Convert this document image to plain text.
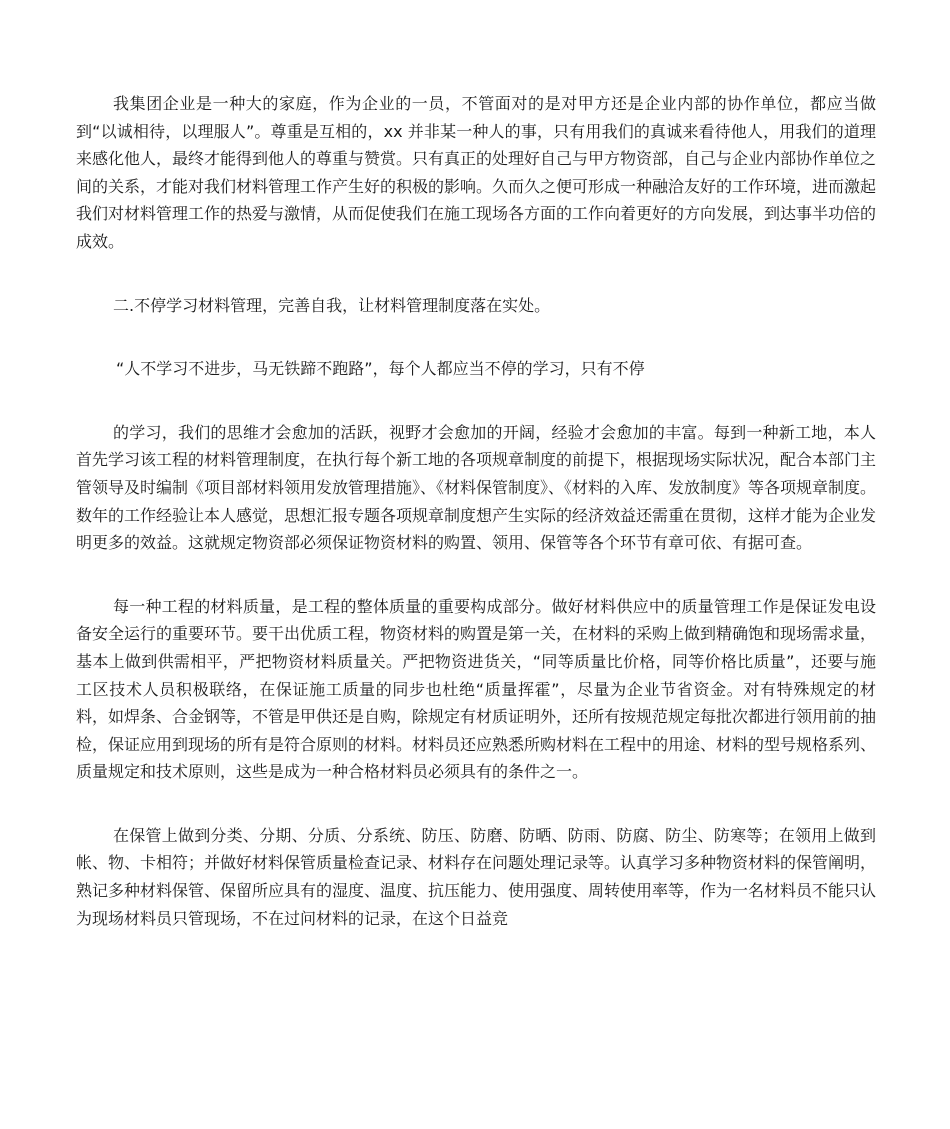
我集团企业是一种大的家庭，作为企业的一员，不管面对的是对甲方还是企业内部的协作单位，都应当做到“以诚相待，以理服人”。尊重是互相的，xx 并非某一种人的事，只有用我们的真诚来看待他人，用我们的道理来感化他人，最终才能得到他人的尊重与赞赏。只有真正的处理好自己与甲方物资部，自己与企业内部协作单位之间的关系，才能对我们材料管理工作产生好的积极的影响。久而久之便可形成一种融洽友好的工作环境，进而激起我们对材料管理工作的热爱与激情，从而促使我们在施工现场各方面的工作向着更好的方向发展，到达事半功倍的成效。

二.不停学习材料管理，完善自我，让材料管理制度落在实处。

“人不学习不进步，马无铁蹄不跑路”，每个人都应当不停的学习，只有不停

的学习，我们的思维才会愈加的活跃，视野才会愈加的开阔，经验才会愈加的丰富。每到一种新工地，本人首先学习该工程的材料管理制度，在执行每个新工地的各项规章制度的前提下，根据现场实际状况，配合本部门主管领导及时编制《项目部材料领用发放管理措施》、《材料保管制度》、《材料的入库、发放制度》等各项规章制度。数年的工作经验让本人感觉，思想汇报专题各项规章制度想产生实际的经济效益还需重在贯彻，这样才能为企业发明更多的效益。这就规定物资部必须保证物资材料的购置、领用、保管等各个环节有章可依、有据可查。

每一种工程的材料质量，是工程的整体质量的重要构成部分。做好材料供应中的质量管理工作是保证发电设备安全运行的重要环节。要干出优质工程，物资材料的购置是第一关，在材料的采购上做到精确饱和现场需求量，基本上做到供需相平，严把物资材料质量关。严把物资进货关，“同等质量比价格，同等价格比质量”，还要与施工区技术人员积极联络，在保证施工质量的同步也杜绝“质量挥霍”，尽量为企业节省资金。对有特殊规定的材料，如焊条、合金钢等，不管是甲供还是自购，除规定有材质证明外，还所有按规范规定每批次都进行领用前的抽检，保证应用到现场的所有是符合原则的材料。材料员还应熟悉所购材料在工程中的用途、材料的型号规格系列、质量规定和技术原则，这些是成为一种合格材料员必须具有的条件之一。

在保管上做到分类、分期、分质、分系统、防压、防磨、防晒、防雨、防腐、防尘、防寒等；在领用上做到帐、物、卡相符；并做好材料保管质量检查记录、材料存在问题处理记录等。认真学习多种物资材料的保管阐明，熟记多种材料保管、保留所应具有的湿度、温度、抗压能力、使用强度、周转使用率等，作为一名材料员不能只认为现场材料员只管现场，不在过问材料的记录，在这个日益竞
